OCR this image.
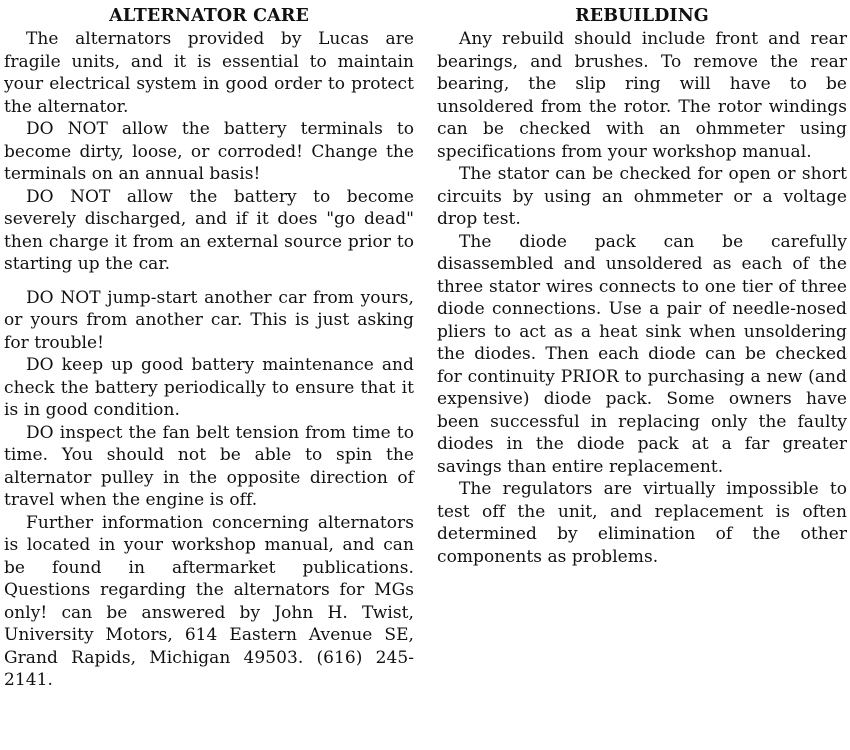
ALTERNATOR CARE

The alternators provided by Lucas are fragile units, and it is essential to maintain your electrical system in good order to protect the alternator.

DO NOT allow the battery terminals to become dirty, loose, or corroded! Change the terminals on an annual basis!

DO NOT allow the battery to become severely discharged, and if it does "go dead" then charge it from an external source prior to starting up the car.

DO NOT jump-start another car from yours, or yours from another car. This is just asking for trouble!

DO keep up good battery maintenance and check the battery periodically to ensure that it is in good condition.

DO inspect the fan belt tension from time to time. You should not be able to spin the alternator pulley in the opposite direction of travel when the engine is off.

Further information concerning alternators is located in your workshop manual, and can be found in aftermarket publications. Questions regarding the alternators for MGs only! can be answered by John H. Twist, University Motors, 614 Eastern Avenue SE, Grand Rapids, Michigan 49503. (616) 245-2141.

REBUILDING

Any rebuild should include front and rear bearings, and brushes. To remove the rear bearing, the slip ring will have to be unsoldered from the rotor. The rotor windings can be checked with an ohmmeter using specifications from your workshop manual.

The stator can be checked for open or short circuits by using an ohmmeter or a voltage drop test.

The diode pack can be carefully disassembled and unsoldered as each of the three stator wires connects to one tier of three diode connections. Use a pair of needle-nosed pliers to act as a heat sink when unsoldering the diodes. Then each diode can be checked for continuity PRIOR to purchasing a new (and expensive) diode pack. Some owners have been successful in replacing only the faulty diodes in the diode pack at a far greater savings than entire replacement.

The regulators are virtually impossible to test off the unit, and replacement is often determined by elimination of the other components as problems.
